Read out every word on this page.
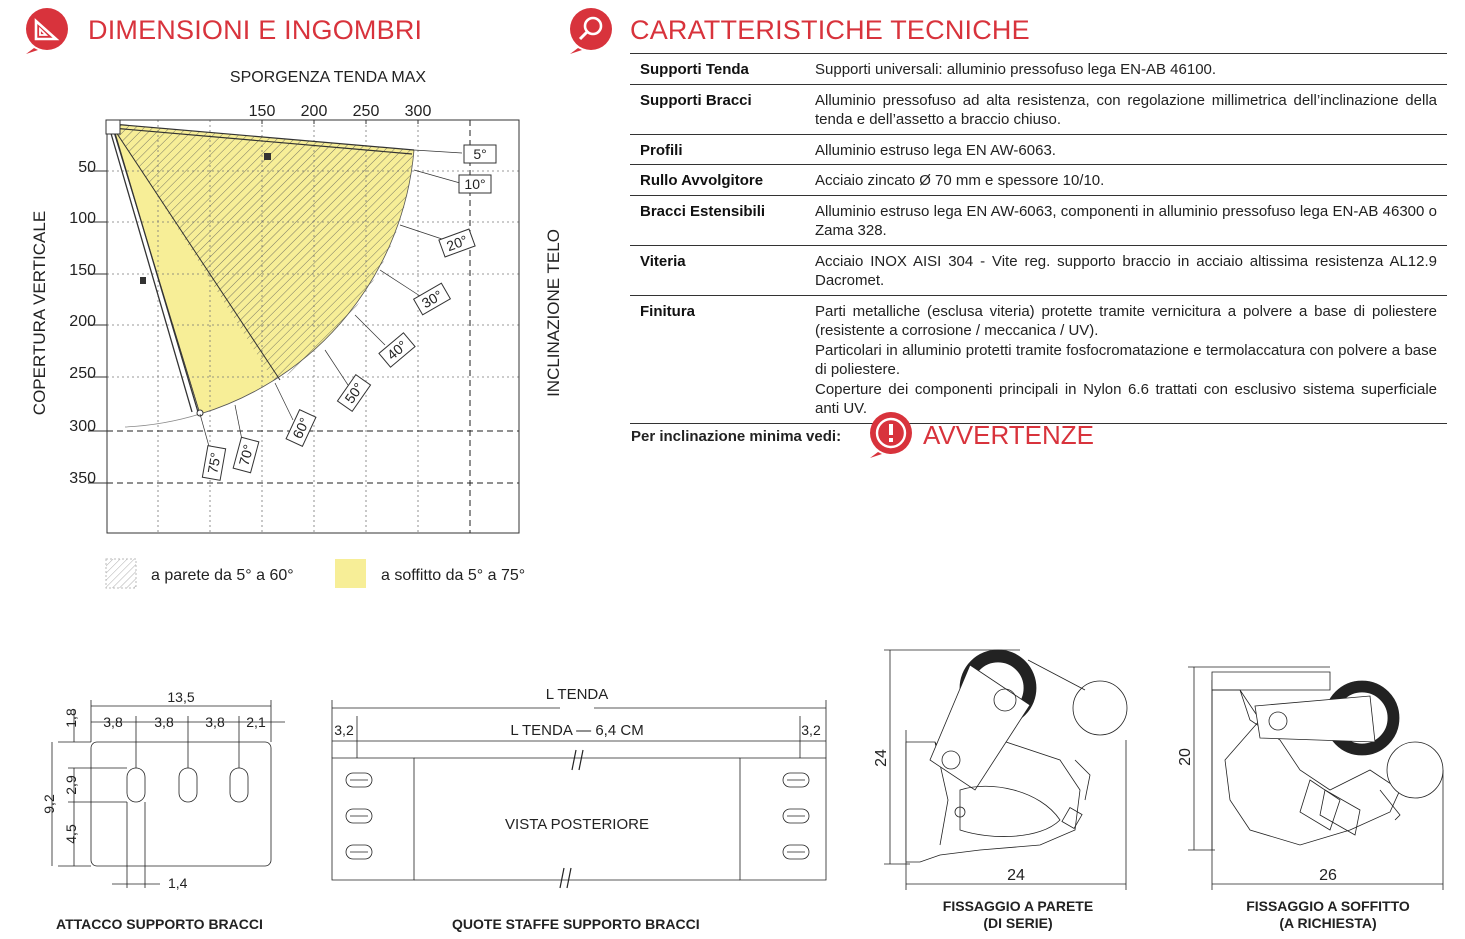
DIMENSIONI E INGOMBRI	CARATTERISTICHE TECNICHE
5°
10°
20°
30°
40°
50°
60°
70°
75°
SPORGENZA TENDA MAX
150 200 250 300
50
100
150
200
250
300
350
COPERTURA VERTICALE	INCLINAZIONE TELO
a parete da 5° a 60°	a soffitto da 5° a 75°
Supporti Tenda	Supporti universali: alluminio pressofuso lega EN-AB 46100.
Supporti Bracci	Alluminio pressofuso ad alta resistenza, con regolazione millimetrica dell’inclinazione della tenda e dell’assetto a braccio chiuso.
Profili	Alluminio estruso lega EN AW-6063.
Rullo Avvolgitore	Acciaio zincato Ø 70 mm e spessore 10/10.
Bracci Estensibili	Alluminio estruso lega EN AW-6063, componenti in alluminio pressofuso lega EN-AB 46300 o Zama 328.
Viteria	Acciaio INOX AISI 304 - Vite reg. supporto braccio in acciaio altissima resistenza AL12.9 Dacromet.
Finitura	Parti metalliche (esclusa viteria) protette tramite vernicitura a polvere a base di poliestere (resistente a corrosione / meccanica / UV).
Particolari in alluminio protetti tramite fosfocromatazione e termolaccatura con polvere a base di poliestere.
Coperture dei componenti principali in Nylon 6.6 trattati con esclusivo sistema superficiale anti UV.
Per inclinazione minima vedi:	AVVERTENZE
13,5
3,8 3,8 3,8 2,1
1,8
9,2
2,9
4,5
1,4
ATTACCO SUPPORTO BRACCI
L TENDA
L TENDA — 6,4 CM
3,2	3,2
VISTA POSTERIORE
QUOTE STAFFE SUPPORTO BRACCI
24
24
FISSAGGIO A PARETE
(DI SERIE)
20
26
FISSAGGIO A SOFFITTO
(A RICHIESTA)
